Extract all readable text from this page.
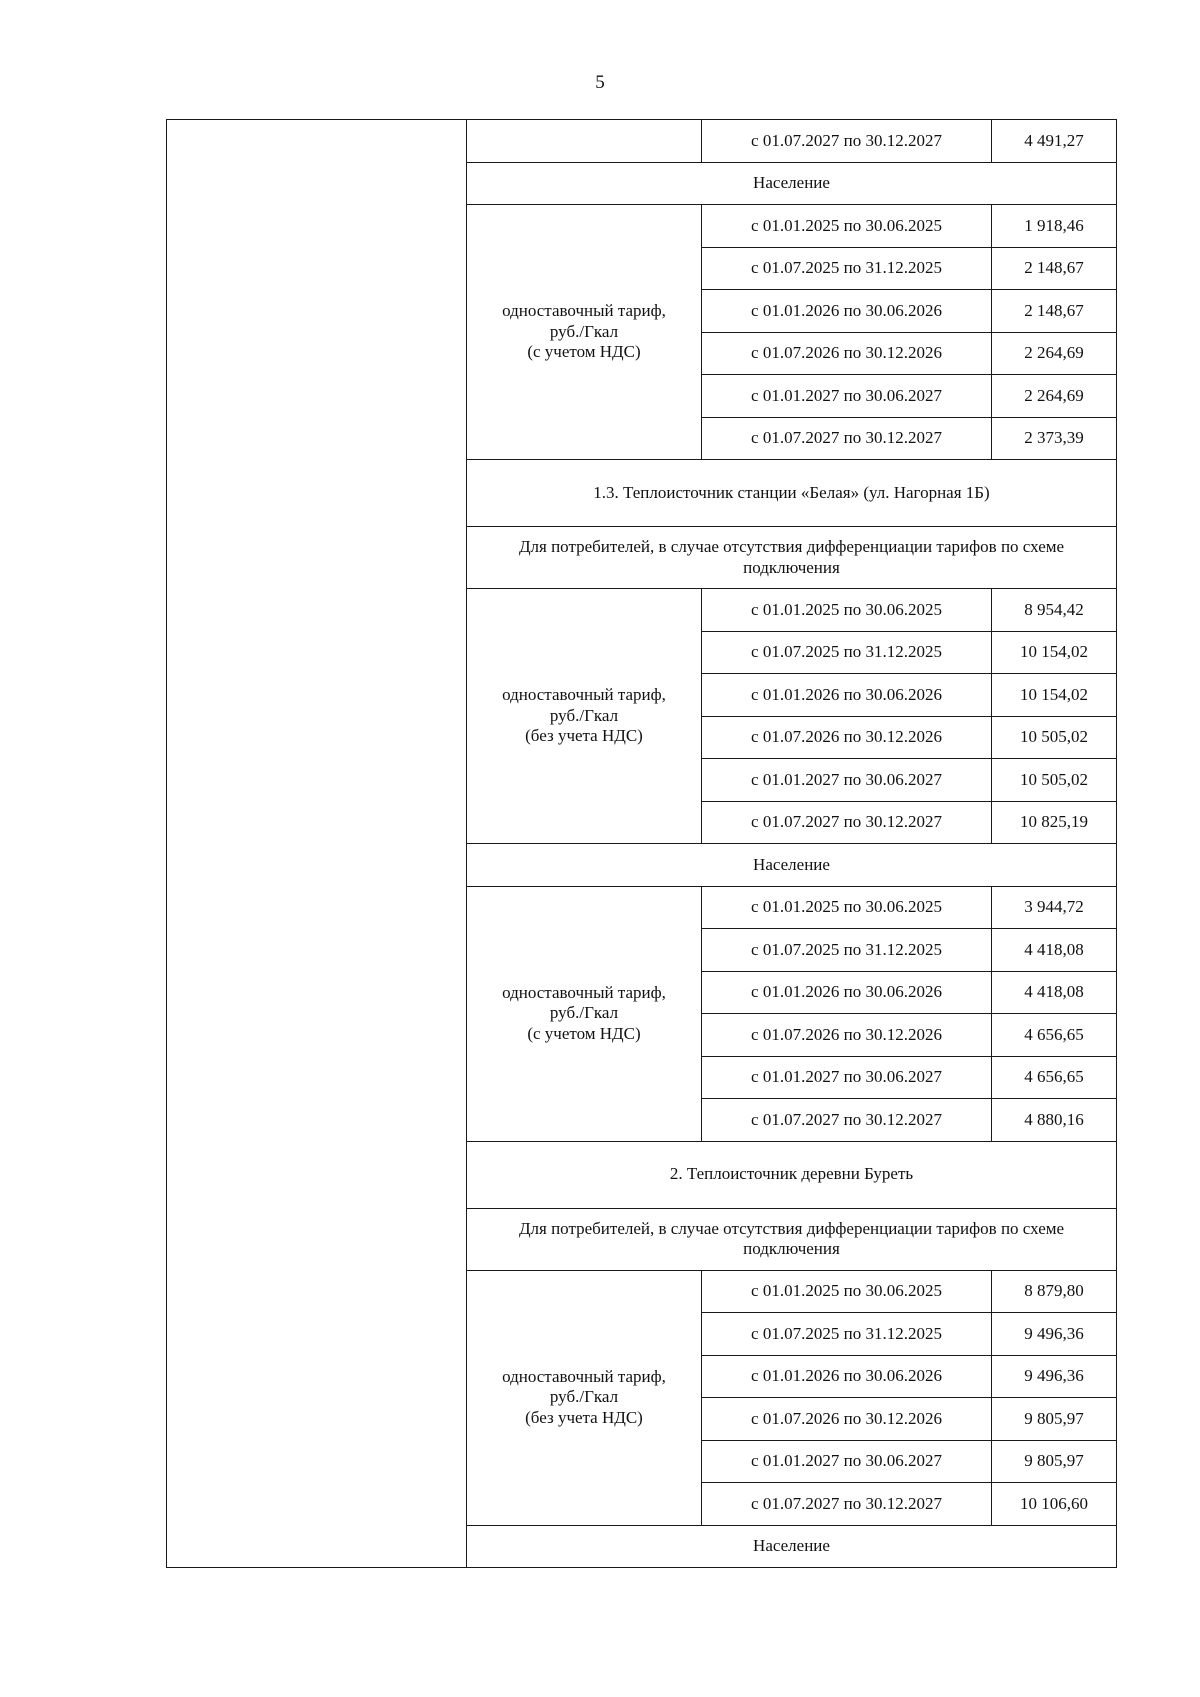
5
		с 01.07.2027 по 30.12.2027	4 491,27
	Население		

	одноставочный тариф,
руб./Гкал
(с учетом НДС)	с 01.01.2025 по 30.06.2025	1 918,46
		с 01.07.2025 по 31.12.2025	2 148,67
		с 01.01.2026 по 30.06.2026	2 148,67
		с 01.07.2026 по 30.12.2026	2 264,69
		с 01.01.2027 по 30.06.2027	2 264,69
		с 01.07.2027 по 30.12.2027	2 373,39
	1.3. Теплоисточник станции «Белая» (ул. Нагорная 1Б)		
	Для потребителей, в случае отсутствия дифференциации тарифов по схеме подключения		

	одноставочный тариф,
руб./Гкал
(без учета НДС)	с 01.01.2025 по 30.06.2025	8 954,42
		с 01.07.2025 по 31.12.2025	10 154,02
		с 01.01.2026 по 30.06.2026	10 154,02
		с 01.07.2026 по 30.12.2026	10 505,02
		с 01.01.2027 по 30.06.2027	10 505,02
		с 01.07.2027 по 30.12.2027	10 825,19
	Население		

	одноставочный тариф,
руб./Гкал
(с учетом НДС)	с 01.01.2025 по 30.06.2025	3 944,72
		с 01.07.2025 по 31.12.2025	4 418,08
		с 01.01.2026 по 30.06.2026	4 418,08
		с 01.07.2026 по 30.12.2026	4 656,65
		с 01.01.2027 по 30.06.2027	4 656,65
		с 01.07.2027 по 30.12.2027	4 880,16
	2. Теплоисточник деревни Буреть		
	Для потребителей, в случае отсутствия дифференциации тарифов по схеме подключения		

	одноставочный тариф,
руб./Гкал
(без учета НДС)	с 01.01.2025 по 30.06.2025	8 879,80
		с 01.07.2025 по 31.12.2025	9 496,36
		с 01.01.2026 по 30.06.2026	9 496,36
		с 01.07.2026 по 30.12.2026	9 805,97
		с 01.01.2027 по 30.06.2027	9 805,97
		с 01.07.2027 по 30.12.2027	10 106,60
	Население		
